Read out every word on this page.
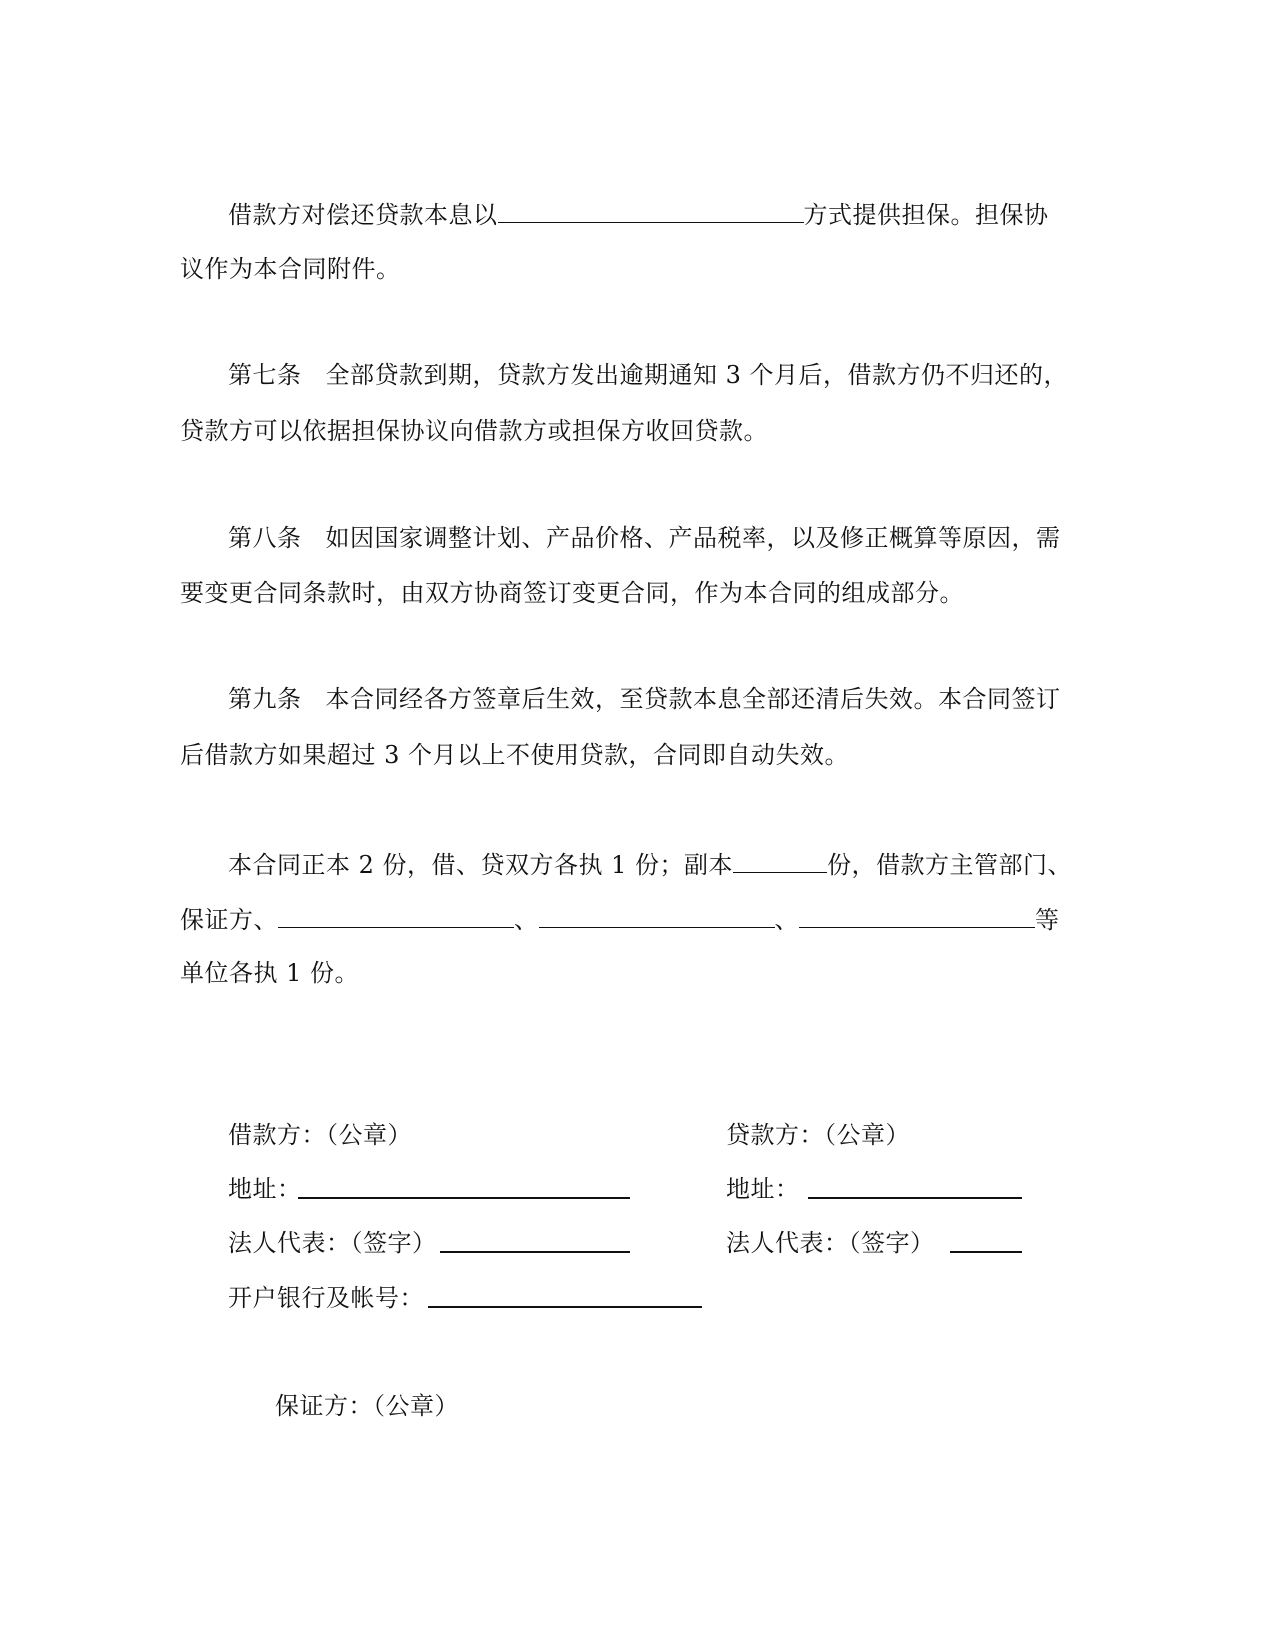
借款方对偿还贷款本息以	方式提供担保。担保协
议作为本合同附件。
第七条 全部贷款到期，贷款方发出逾期通知 3 个月后，借款方仍不归还的，
贷款方可以依据担保协议向借款方或担保方收回贷款。
第八条 如因国家调整计划、产品价格、产品税率，以及修正概算等原因，需
要变更合同条款时，由双方协商签订变更合同，作为本合同的组成部分。
第九条 本合同经各方签章后生效，至贷款本息全部还清后失效。本合同签订
后借款方如果超过 3 个月以上不使用贷款，合同即自动失效。
本合同正本 2 份，借、贷双方各执 1 份；副本	份，借款方主管部门、
保证方、	、	、	等
单位各执 1 份。
借款方：（公章）
地址：
法人代表：（签字）
开户银行及帐号：
贷款方：（公章）
地址：
法人代表：（签字）
保证方：（公章）
